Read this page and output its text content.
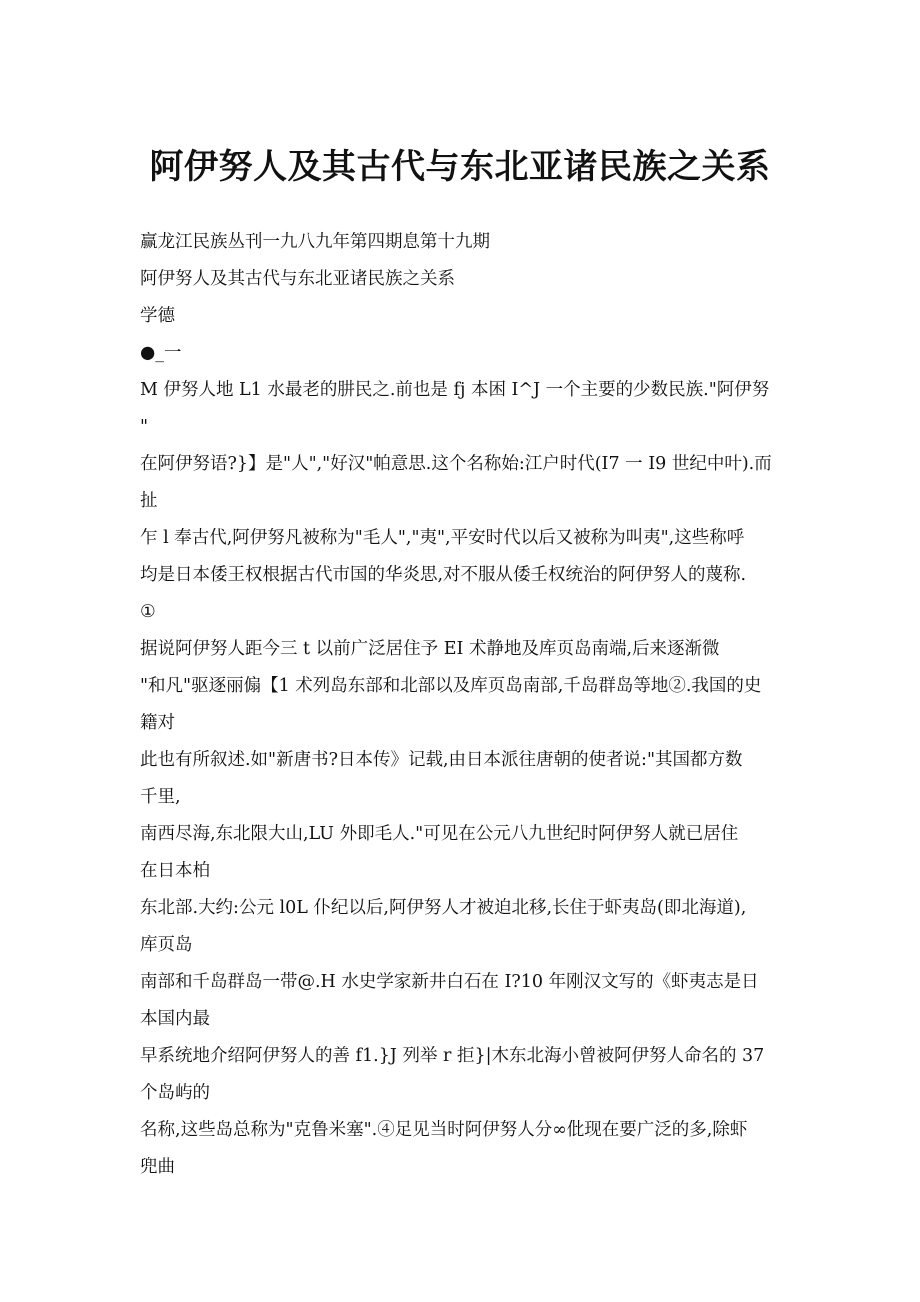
阿伊努人及其古代与东北亚诸民族之关系
赢龙江民族丛刊一九八九年第四期息第十九期
阿伊努人及其古代与东北亚诸民族之关系
学德
●_一
M 伊努人地 L1 水最老的肼民之.前也是 fj 本困 I^J 一个主要的少数民族."阿伊努
"
在阿伊努语?}】是"人","好汉"帕意思.这个名称始:江户时代(I7 一 I9 世纪中叶).而
扯
乍 l 奉古代,阿伊努凡被称为"毛人","夷",平安时代以后又被称为叫夷",这些称呼
均是日本倭王权根据古代巿国的华炎思,对不服从倭壬权统治的阿伊努人的蔑称.
①
据说阿伊努人距今三 t 以前广泛居住予 EI 术静地及库页岛南端,后来逐渐微
"和凡"驱逐丽傓【1 术列岛东部和北部以及库页岛南部,千岛群岛等地②.我国的史
籍对
此也有所叙述.如"新唐书?日本传》记载,由日本派往唐朝的使者说:"其国都方数
千里,
南西尽海,东北限大山,LU 外即毛人."可见在公元八九世纪时阿伊努人就已居住
在日本柏
东北部.大约:公元 l0L 仆纪以后,阿伊努人才被迫北移,长住于虾夷岛(即北海道),
库页岛
南部和千岛群岛一带@.H 水史学家新井白石在 I?10 年刚汉文写的《虾夷志是日
本国内最
早系统地介绍阿伊努人的善 f1.}J 列举 r 拒}|木东北海小曾被阿伊努人命名的 37
个岛屿的
名称,这些岛总称为"克鲁米塞".④足见当时阿伊努人分∞仳现在要广泛的多,除虾
兜曲
